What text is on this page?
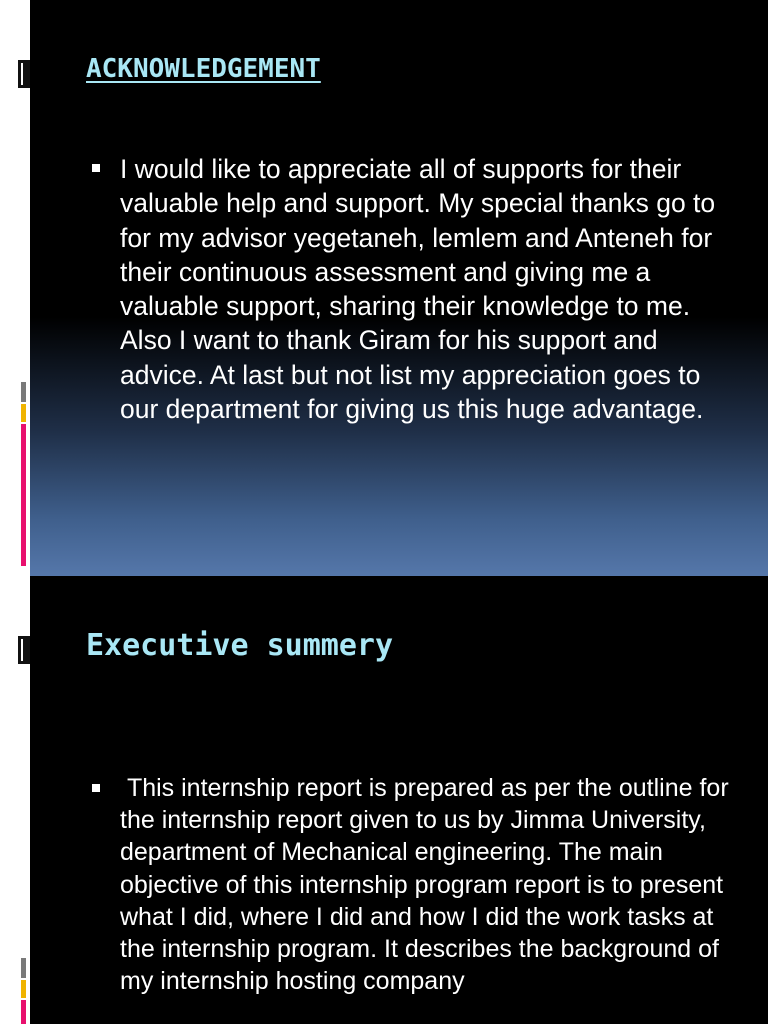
ACKNOWLEDGEMENT
I would like to appreciate all of supports for their valuable help and support. My special thanks go to for my advisor yegetaneh, lemlem and Anteneh for their continuous assessment and giving me a valuable support, sharing their knowledge to me. Also I want to thank Giram for his support and advice. At last but not list my appreciation goes to our department for giving us this huge advantage.
Executive summery
This internship report is prepared as per the outline for the internship report given to us by Jimma University, department of Mechanical engineering. The main objective of this internship program report is to present what I did, where I did and how I did the work tasks at the internship program. It describes the background of my internship hosting company
